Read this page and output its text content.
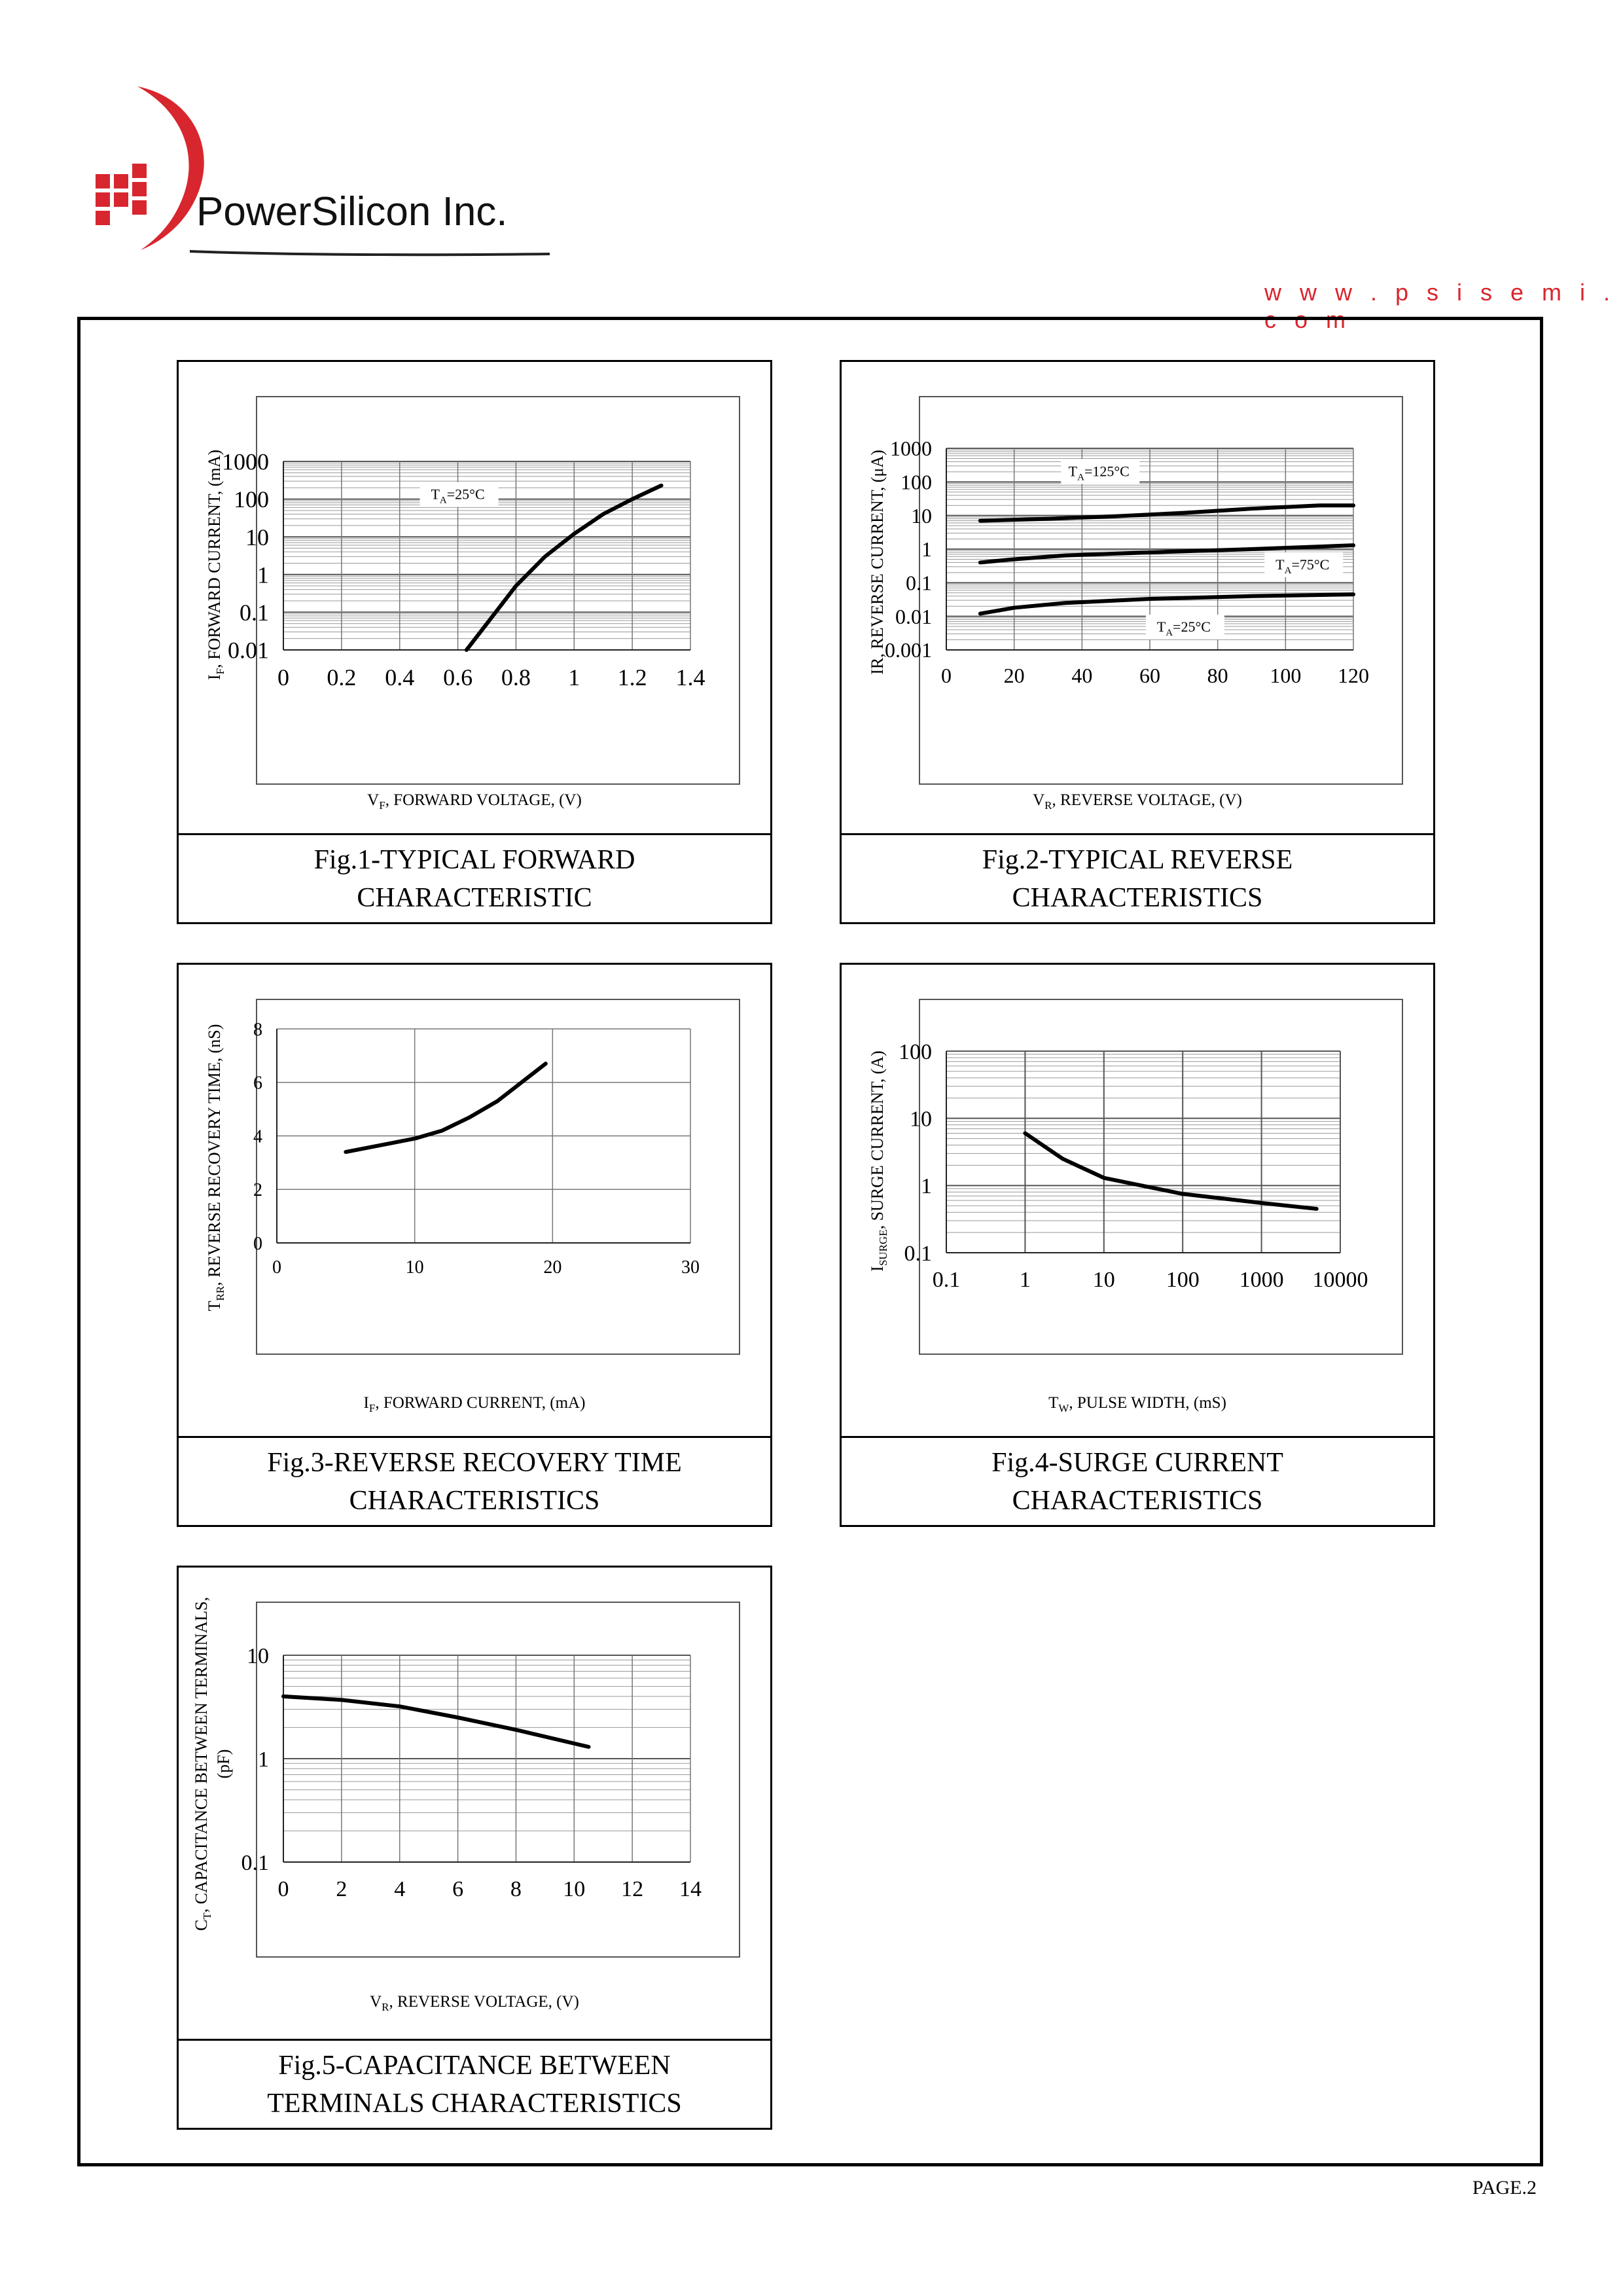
PowerSilicon Inc.
w w w . p s i s e m i . c o m
0 0.2 0.4 0.6 0.8 1 1.2 1.4
0.01
0.1
1
10
100
1000
$T_A=25^\circ C$
$I_F$, FORWARD CURRENT, (mA)
$V_F$, FORWARD VOLTAGE, (V)
Fig.1-TYPICAL FORWARD
CHARACTERISTIC
0 20 40 60 80 100 120
0.001
0.01
0.1
1
10
100
1000
$T_A=125^\circ C$
$T_A=75^\circ C$
$T_A=25^\circ C$
IR, REVERSE CURRENT, (μA)
$V_R$, REVERSE VOLTAGE, (V)
Fig.2-TYPICAL REVERSE
CHARACTERISTICS
0	10	20	30
0
2
4
6
8
$T_{RR}$, REVERSE RECOVERY TIME, (nS)
$I_F$, FORWARD CURRENT, (mA)
Fig.3-REVERSE RECOVERY TIME
CHARACTERISTICS
0.1	1	10 100 1000 10000
0.1
1
10
100
$I_{SURGE}$, SURGE CURRENT, (A)
$T_W$, PULSE WIDTH, (mS)
Fig.4-SURGE CURRENT
CHARACTERISTICS
0 2 4 6 8 10 12 14
0.1
1
10
$C_T$, CAPACITANCE BETWEEN TERMINALS, (pF)
$V_R$, REVERSE VOLTAGE, (V)
Fig.5-CAPACITANCE BETWEEN
TERMINALS CHARACTERISTICS
PAGE.2
